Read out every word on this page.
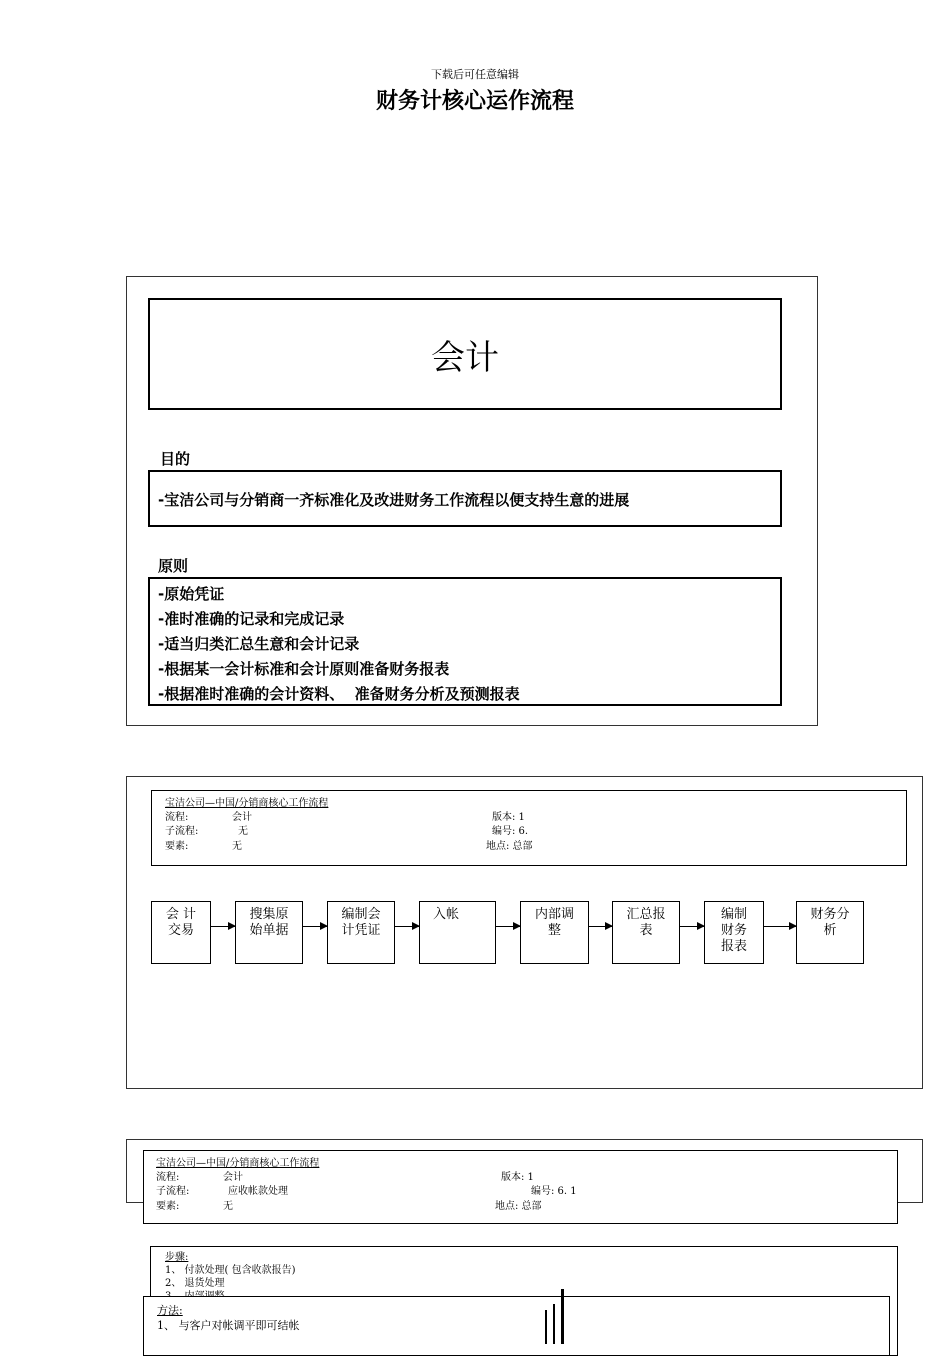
下载后可任意编辑
财务计核心运作流程
会计
目的
-宝洁公司与分销商一齐标准化及改进财务工作流程以便支持生意的进展
原则
-原始凭证
-准时准确的记录和完成记录
-适当归类汇总生意和会计记录
-根据某一会计标准和会计原则准备财务报表
-根据准时准确的会计资料、  准备财务分析及预测报表
宝洁公司—中国/分销商核心工作流程
流程:	会计
子流程:	无
要素:	无
版本: 1
编号: 6.
地点: 总部
会 计
交易
搜集原
始单据
编制会
计凭证
入帐	内部调
整
汇总报
表
编制
财务
报表
财务分
析
宝洁公司—中国/分销商核心工作流程
流程:	会计
子流程:	应收帐款处理
要素:	无
版本: 1
编号: 6. 1
地点: 总部
步骤:
1、 付款处理( 包含收款报告)
2、 退货处理
方法:
1、 与客户对帐调平即可结帐
